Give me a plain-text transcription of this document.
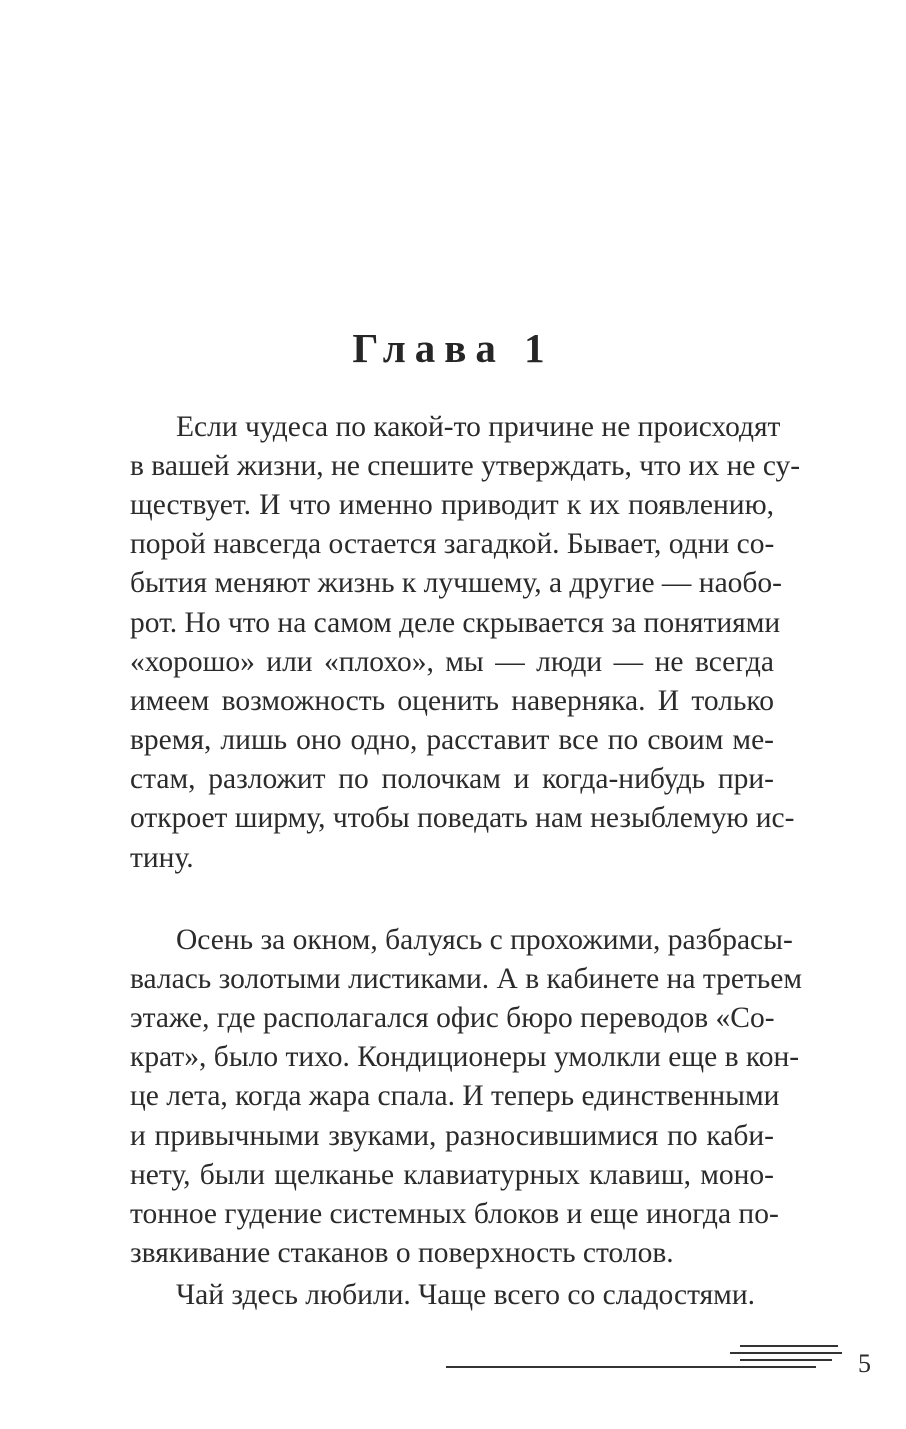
Глава 1
Если чудеса по какой-то причине не происходят
в вашей жизни, не спешите утверждать, что их не су-
ществует. И что именно приводит к их появлению,
порой навсегда остается загадкой. Бывает, одни со-
бытия меняют жизнь к лучшему, а другие — наобо-
рот. Но что на самом деле скрывается за понятиями
«хорошо» или «плохо», мы — люди — не всегда
имеем возможность оценить наверняка. И только
время, лишь оно одно, расставит все по своим ме-
стам, разложит по полочкам и когда-нибудь при-
откроет ширму, чтобы поведать нам незыблемую ис-
тину.
Осень за окном, балуясь с прохожими, разбрасы-
валась золотыми листиками. А в кабинете на третьем
этаже, где располагался офис бюро переводов «Со-
крат», было тихо. Кондиционеры умолкли еще в кон-
це лета, когда жара спала. И теперь единственными
и привычными звуками, разносившимися по каби-
нету, были щелканье клавиатурных клавиш, моно-
тонное гудение системных блоков и еще иногда по-
звякивание стаканов о поверхность столов.
Чай здесь любили. Чаще всего со сладостями.
5
